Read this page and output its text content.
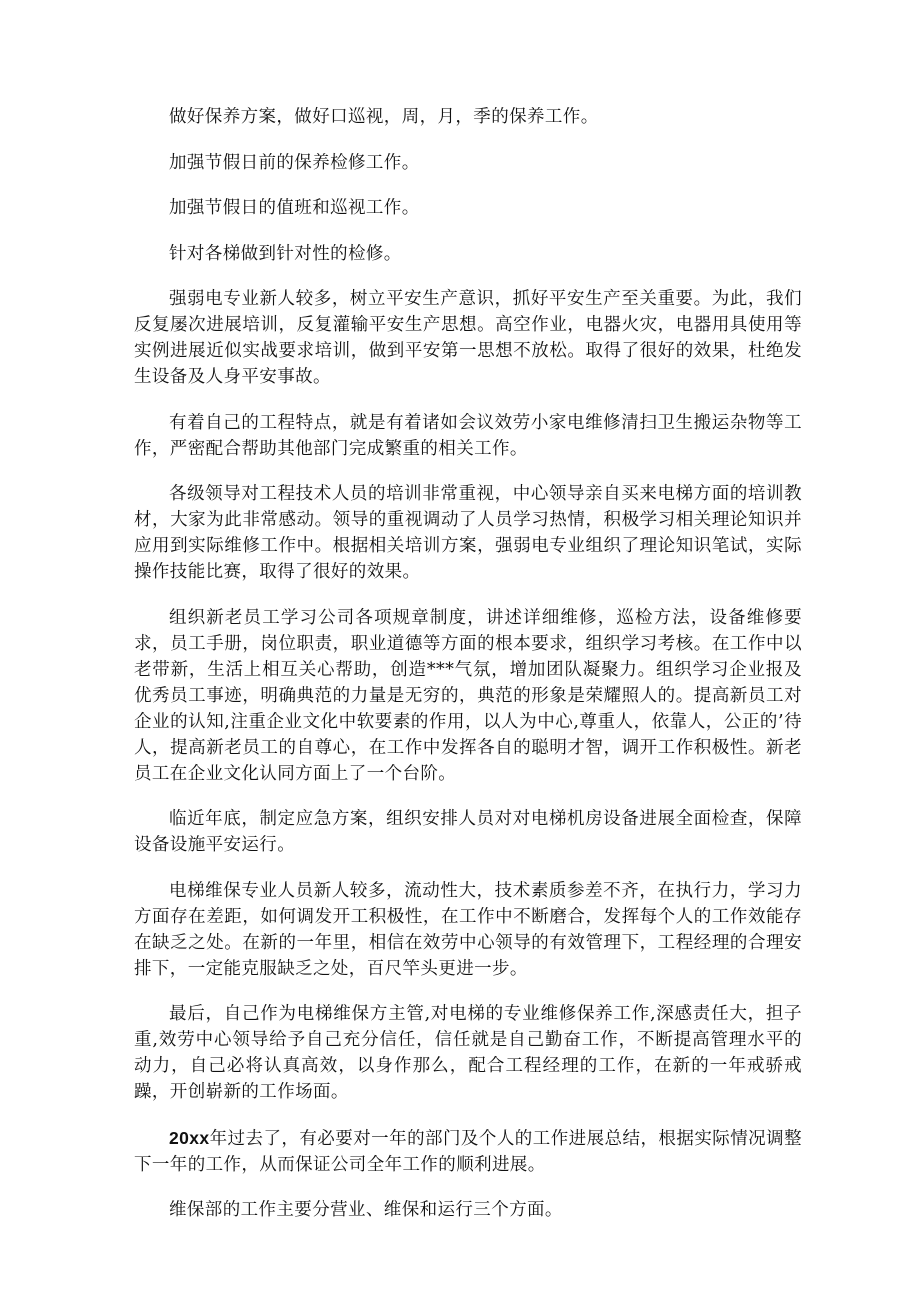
做好保养方案，做好口巡视，周，月，季的保养工作。

加强节假日前的保养检修工作。

加强节假日的值班和巡视工作。

针对各梯做到针对性的检修。

强弱电专业新人较多，树立平安生产意识，抓好平安生产至关重要。为此，我们反复屡次进展培训，反复灌输平安生产思想。高空作业，电器火灾，电器用具使用等实例进展近似实战要求培训，做到平安第一思想不放松。取得了很好的效果，杜绝发生设备及人身平安事故。

有着自己的工程特点，就是有着诸如会议效劳小家电维修清扫卫生搬运杂物等工作，严密配合帮助其他部门完成繁重的相关工作。

各级领导对工程技术人员的培训非常重视，中心领导亲自买来电梯方面的培训教材，大家为此非常感动。领导的重视调动了人员学习热情，积极学习相关理论知识并应用到实际维修工作中。根据相关培训方案，强弱电专业组织了理论知识笔试，实际操作技能比赛，取得了很好的效果。

组织新老员工学习公司各项规章制度，讲述详细维修，巡检方法，设备维修要求，员工手册，岗位职责，职业道德等方面的根本要求，组织学习考核。在工作中以老带新，生活上相互关心帮助，创造***气氛，增加团队凝聚力。组织学习企业报及优秀员工事迹，明确典范的力量是无穷的，典范的形象是荣耀照人的。提高新员工对企业的认知,注重企业文化中软要素的作用，以人为中心,尊重人，依靠人，公正的’待人，提高新老员工的自尊心，在工作中发挥各自的聪明才智，调开工作积极性。新老员工在企业文化认同方面上了一个台阶。

临近年底，制定应急方案，组织安排人员对对电梯机房设备进展全面检查，保障设备设施平安运行。

电梯维保专业人员新人较多，流动性大，技术素质参差不齐，在执行力，学习力方面存在差距，如何调发开工积极性，在工作中不断磨合，发挥每个人的工作效能存在缺乏之处。在新的一年里，相信在效劳中心领导的有效管理下，工程经理的合理安排下，一定能克服缺乏之处，百尺竿头更进一步。

最后，自己作为电梯维保方主管,对电梯的专业维修保养工作,深感责任大，担子重,效劳中心领导给予自己充分信任，信任就是自己勤奋工作，不断提高管理水平的动力，自己必将认真高效，以身作那么，配合工程经理的工作，在新的一年戒骄戒躁，开创崭新的工作场面。

20xx年过去了，有必要对一年的部门及个人的工作进展总结，根据实际情况调整下一年的工作，从而保证公司全年工作的顺利进展。

维保部的工作主要分营业、维保和运行三个方面。
